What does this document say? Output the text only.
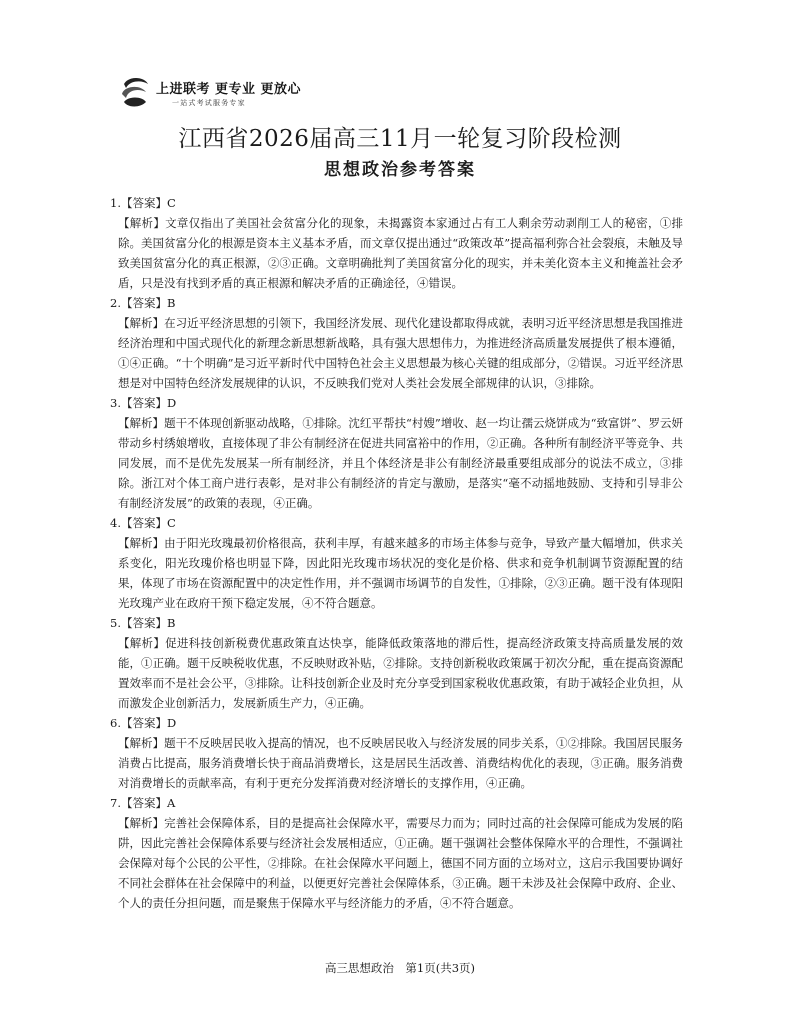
上进联考 更专业 更放心
一站式考试服务专家
江西省2026届高三11月一轮复习阶段检测
思想政治参考答案
1.【答案】C

【解析】文章仅指出了美国社会贫富分化的现象，未揭露资本家通过占有工人剩余劳动剥削工人的秘密，①排除。美国贫富分化的根源是资本主义基本矛盾，而文章仅提出通过“政策改革”提高福利弥合社会裂痕，未触及导致美国贫富分化的真正根源，②③正确。文章明确批判了美国贫富分化的现实，并未美化资本主义和掩盖社会矛盾，只是没有找到矛盾的真正根源和解决矛盾的正确途径，④错误。

2.【答案】B

【解析】在习近平经济思想的引领下，我国经济发展、现代化建设都取得成就，表明习近平经济思想是我国推进经济治理和中国式现代化的新理念新思想新战略，具有强大思想伟力，为推进经济高质量发展提供了根本遵循，①④正确。“十个明确”是习近平新时代中国特色社会主义思想最为核心关键的组成部分，②错误。习近平经济思想是对中国特色经济发展规律的认识，不反映我们党对人类社会发展全部规律的认识，③排除。

3.【答案】D

【解析】题干不体现创新驱动战略，①排除。沈红平帮扶“村嫂”增收、赵一均让孺云烧饼成为“致富饼”、罗云妍带动乡村绣娘增收，直接体现了非公有制经济在促进共同富裕中的作用，②正确。各种所有制经济平等竞争、共同发展，而不是优先发展某一所有制经济，并且个体经济是非公有制经济最重要组成部分的说法不成立，③排除。浙江对个体工商户进行表彰，是对非公有制经济的肯定与激励，是落实“毫不动摇地鼓励、支持和引导非公有制经济发展”的政策的表现，④正确。

4.【答案】C

【解析】由于阳光玫瑰最初价格很高，获利丰厚，有越来越多的市场主体参与竞争，导致产量大幅增加，供求关系变化，阳光玫瑰价格也明显下降，因此阳光玫瑰市场状况的变化是价格、供求和竞争机制调节资源配置的结果，体现了市场在资源配置中的决定性作用，并不强调市场调节的自发性，①排除，②③正确。题干没有体现阳光玫瑰产业在政府干预下稳定发展，④不符合题意。

5.【答案】B

【解析】促进科技创新税费优惠政策直达快享，能降低政策落地的滞后性，提高经济政策支持高质量发展的效能，①正确。题干反映税收优惠，不反映财政补贴，②排除。支持创新税收政策属于初次分配，重在提高资源配置效率而不是社会公平，③排除。让科技创新企业及时充分享受到国家税收优惠政策，有助于减轻企业负担，从而激发企业创新活力，发展新质生产力，④正确。

6.【答案】D

【解析】题干不反映居民收入提高的情况，也不反映居民收入与经济发展的同步关系，①②排除。我国居民服务消费占比提高，服务消费增长快于商品消费增长，这是居民生活改善、消费结构优化的表现，③正确。服务消费对消费增长的贡献率高，有利于更充分发挥消费对经济增长的支撑作用，④正确。

7.【答案】A

【解析】完善社会保障体系，目的是提高社会保障水平，需要尽力而为；同时过高的社会保障可能成为发展的陷阱，因此完善社会保障体系要与经济社会发展相适应，①正确。题干强调社会整体保障水平的合理性，不强调社会保障对每个公民的公平性，②排除。在社会保障水平问题上，德国不同方面的立场对立，这启示我国要协调好不同社会群体在社会保障中的利益，以便更好完善社会保障体系，③正确。题干未涉及社会保障中政府、企业、个人的责任分担问题，而是聚焦于保障水平与经济能力的矛盾，④不符合题意。

高三思想政治　第1页(共3页)
